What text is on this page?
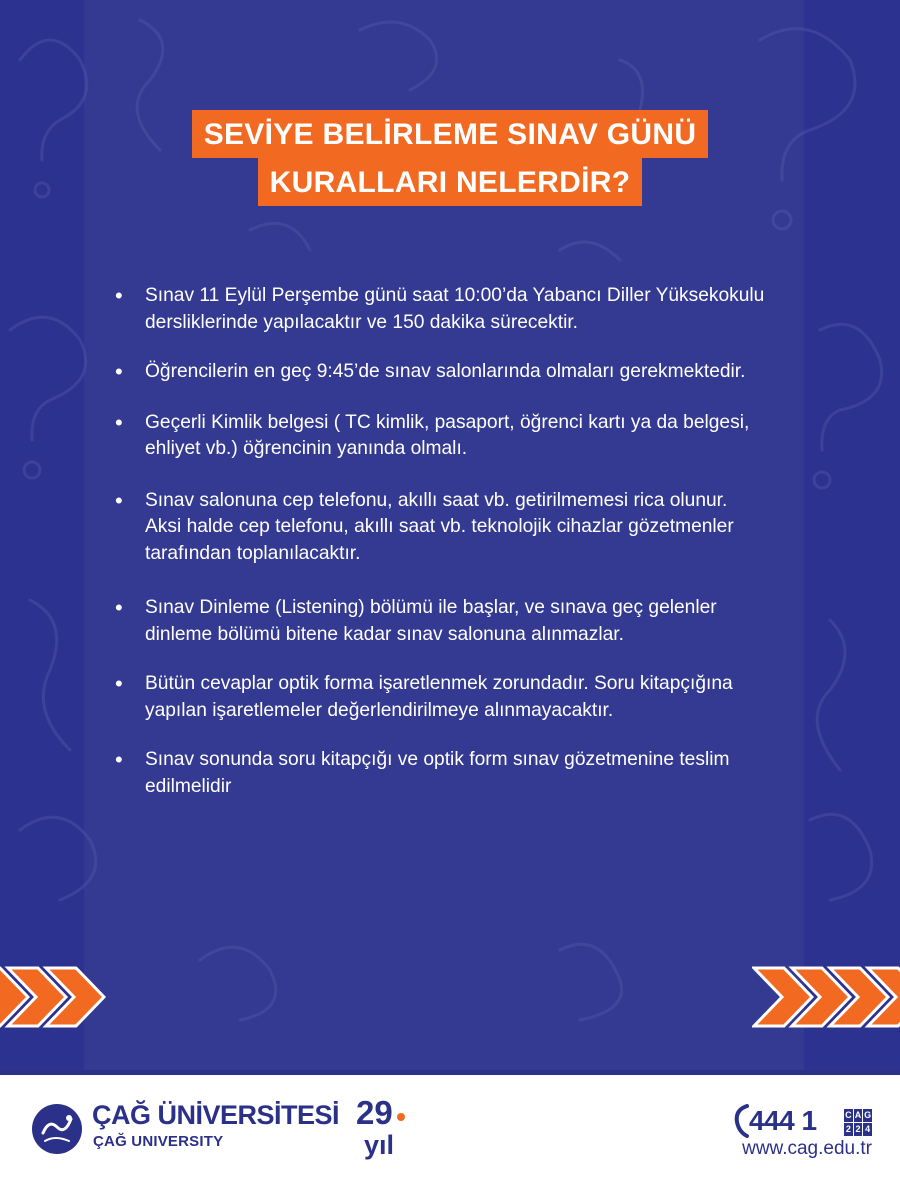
SEVİYE BELİRLEME SINAV GÜNÜ
KURALLARI NELERDİR?
• Sınav 11 Eylül Perşembe günü saat 10:00’da Yabancı Diller Yüksekokulu dersliklerinde yapılacaktır ve 150 dakika sürecektir.
• Öğrencilerin en geç 9:45’de sınav salonlarında olmaları gerekmektedir.
• Geçerli Kimlik belgesi ( TC kimlik, pasaport, öğrenci kartı ya da belgesi, ehliyet vb.) öğrencinin yanında olmalı.
• Sınav salonuna cep telefonu, akıllı saat vb. getirilmemesi rica olunur. Aksi halde cep telefonu, akıllı saat vb. teknolojik cihazlar gözetmenler tarafından toplanılacaktır.
• Sınav Dinleme (Listening) bölümü ile başlar, ve sınava geç gelenler dinleme bölümü bitene kadar sınav salonuna alınmazlar.
• Bütün cevaplar optik forma işaretlenmek zorundadır. Soru kitapçığına yapılan işaretlemeler değerlendirilmeye alınmayacaktır.
• Sınav sonunda soru kitapçığı ve optik form sınav gözetmenine teslim edilmelidir
ÇAĞ ÜNİVERSİTESİ
ÇAĞ UNIVERSITY
29
yıl
444 1	C A G
2 2 4
www.cag.edu.tr
